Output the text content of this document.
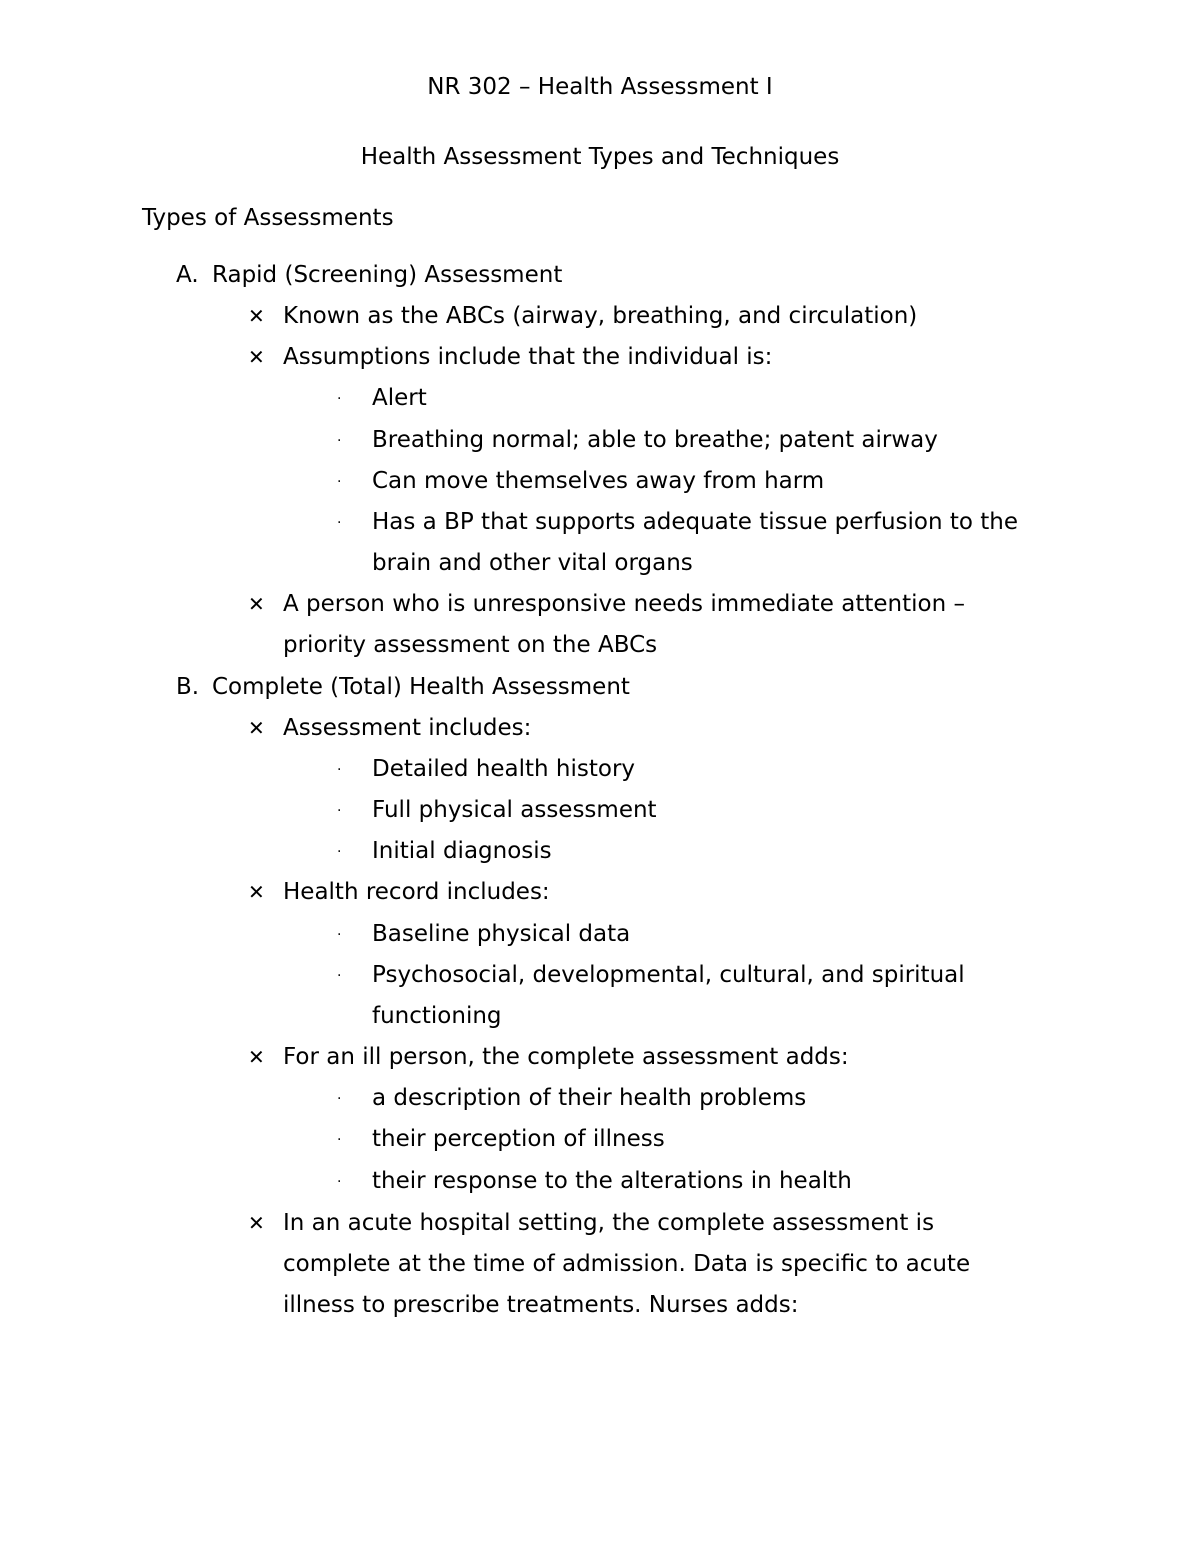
NR 302 – Health Assessment I
Health Assessment Types and Techniques
Types of Assessments
A. Rapid (Screening) Assessment
✕ Known as the ABCs (airway, breathing, and circulation)
✕ Assumptions include that the individual is:
· Alert
· Breathing normal; able to breathe; patent airway
· Can move themselves away from harm
· Has a BP that supports adequate tissue perfusion to the
brain and other vital organs
✕ A person who is unresponsive needs immediate attention –
priority assessment on the ABCs
B. Complete (Total) Health Assessment
✕ Assessment includes:
· Detailed health history
· Full physical assessment
· Initial diagnosis
✕ Health record includes:
· Baseline physical data
· Psychosocial, developmental, cultural, and spiritual
functioning
✕ For an ill person, the complete assessment adds:
· a description of their health problems
· their perception of illness
· their response to the alterations in health
✕ In an acute hospital setting, the complete assessment is
complete at the time of admission. Data is specific to acute
illness to prescribe treatments. Nurses adds:
